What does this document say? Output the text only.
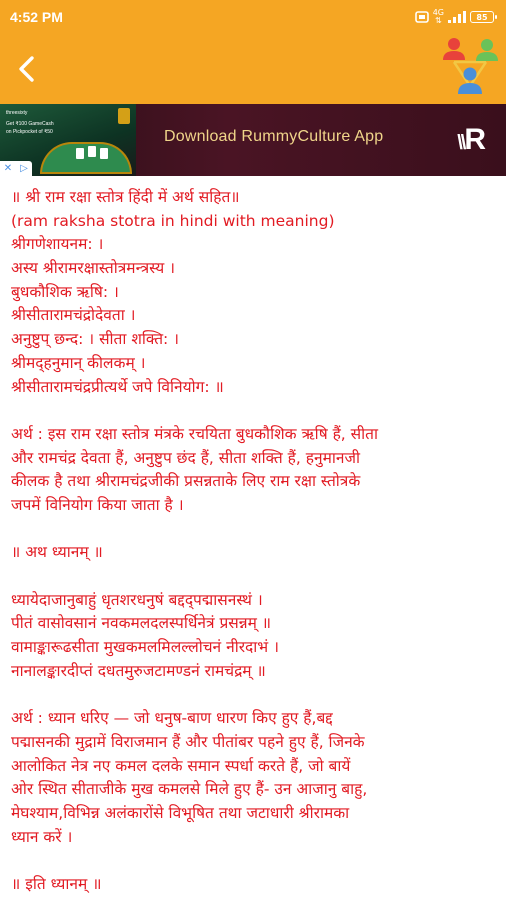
4:52 PM	4G
⇅	85
threesixty
Get ₹100 GameCash
on Pickpocket of ₹50
✕ ▷
Download RummyCulture App	\\R
॥ श्री राम रक्षा स्तोत्र हिंदी में अर्थ सहित॥
(ram raksha stotra in hindi with meaning)
श्रीगणेशायनम: ।
अस्य श्रीरामरक्षास्तोत्रमन्त्रस्य ।
बुधकौशिक ऋषि: ।
श्रीसीतारामचंद्रोदेवता ।
अनुष्टुप् छन्द: । सीता शक्ति: ।
श्रीमद्हनुमान् कीलकम् ।
श्रीसीतारामचंद्रप्रीत्यर्थे जपे विनियोग: ॥
अर्थ : इस राम रक्षा स्तोत्र मंत्रके रचयिता बुधकौशिक ऋषि हैं, सीता
और रामचंद्र देवता हैं, अनुष्टुप छंद हैं, सीता शक्ति हैं, हनुमानजी
कीलक है तथा श्रीरामचंद्रजीकी प्रसन्नताके लिए राम रक्षा स्तोत्रके
जपमें विनियोग किया जाता है ।
॥ अथ ध्यानम् ॥
ध्यायेदाजानुबाहुं धृतशरधनुषं बद्दद्पद्मासनस्थं ।
पीतं वासोवसानं नवकमलदलस्पर्धिनेत्रं प्रसन्नम् ॥
वामाङ्कारूढसीता मुखकमलमिलल्लोचनं नीरदाभं ।
नानालङ्कारदीप्तं दधतमुरुजटामण्डनं रामचंद्रम् ॥
अर्थ : ध्यान धरिए — जो धनुष-बाण धारण किए हुए हैं,बद्द
पद्मासनकी मुद्रामें विराजमान हैं और पीतांबर पहने हुए हैं, जिनके
आलोकित नेत्र नए कमल दलके समान स्पर्धा करते हैं, जो बायें
ओर स्थित सीताजीके मुख कमलसे मिले हुए हैं- उन आजानु बाहु,
मेघश्याम,विभिन्न अलंकारोंसे विभूषित तथा जटाधारी श्रीरामका
ध्यान करें ।
॥ इति ध्यानम् ॥
